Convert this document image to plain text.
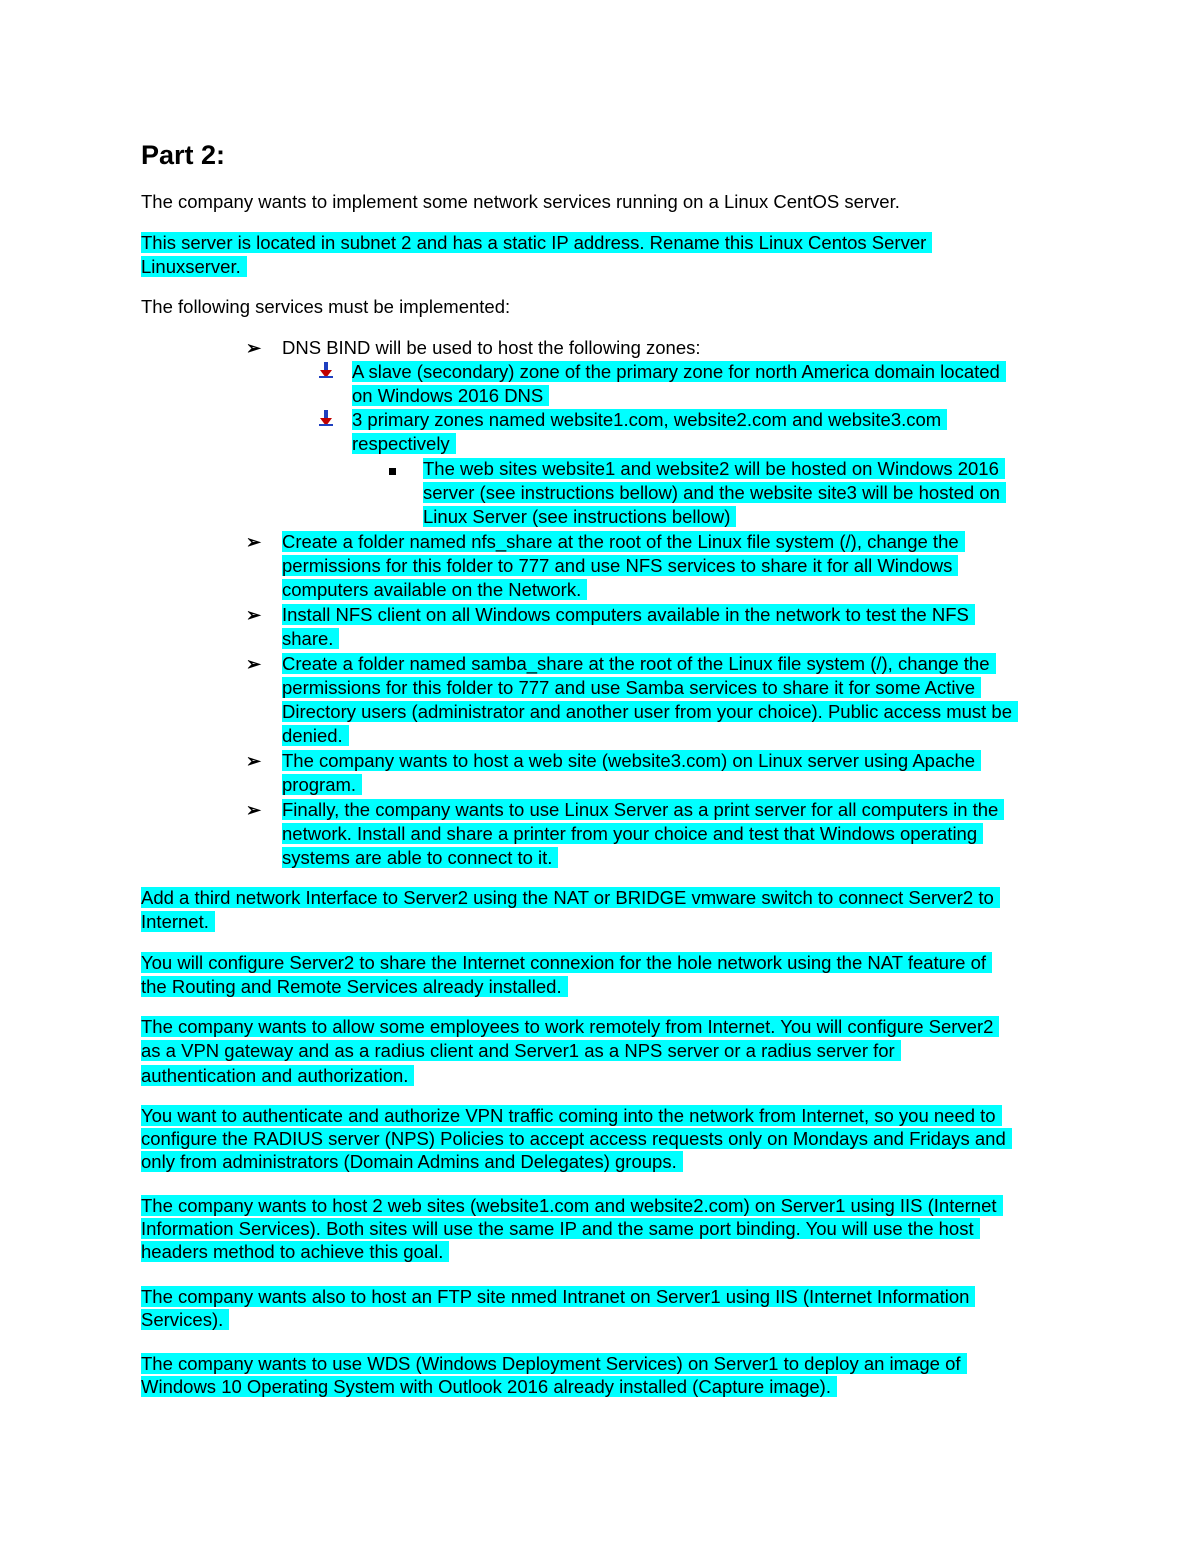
Part 2:

The company wants to implement some network services running on a Linux CentOS server.

This server is located in subnet 2 and has a static IP address. Rename this Linux Centos Server

Linuxserver.

The following services must be implemented:

➢ DNS BIND will be used to host the following zones:

A slave (secondary) zone of the primary zone for north America domain located

on Windows 2016 DNS

3 primary zones named website1.com, website2.com and website3.com

respectively

The web sites website1 and website2 will be hosted on Windows 2016

server (see instructions bellow) and the website site3 will be hosted on

Linux Server (see instructions bellow)

➢ Create a folder named nfs_share at the root of the Linux file system (/), change the

permissions for this folder to 777 and use NFS services to share it for all Windows

computers available on the Network.

➢ Install NFS client on all Windows computers available in the network to test the NFS

share.

➢ Create a folder named samba_share at the root of the Linux file system (/), change the

permissions for this folder to 777 and use Samba services to share it for some Active

Directory users (administrator and another user from your choice). Public access must be

denied.

➢ The company wants to host a web site (website3.com) on Linux server using Apache

program.

➢ Finally, the company wants to use Linux Server as a print server for all computers in the

network. Install and share a printer from your choice and test that Windows operating

systems are able to connect to it.

Add a third network Interface to Server2 using the NAT or BRIDGE vmware switch to connect Server2 to

Internet.

You will configure Server2 to share the Internet connexion for the hole network using the NAT feature of

the Routing and Remote Services already installed.

The company wants to allow some employees to work remotely from Internet. You will configure Server2

as a VPN gateway and as a radius client and Server1 as a NPS server or a radius server for

authentication and authorization.

You want to authenticate and authorize VPN traffic coming into the network from Internet, so you need to

configure the RADIUS server (NPS) Policies to accept access requests only on Mondays and Fridays and

only from administrators (Domain Admins and Delegates) groups.

The company wants to host 2 web sites (website1.com and website2.com) on Server1 using IIS (Internet

Information Services). Both sites will use the same IP and the same port binding. You will use the host

headers method to achieve this goal.

The company wants also to host an FTP site nmed Intranet on Server1 using IIS (Internet Information

Services).

The company wants to use WDS (Windows Deployment Services) on Server1 to deploy an image of

Windows 10 Operating System with Outlook 2016 already installed (Capture image).
